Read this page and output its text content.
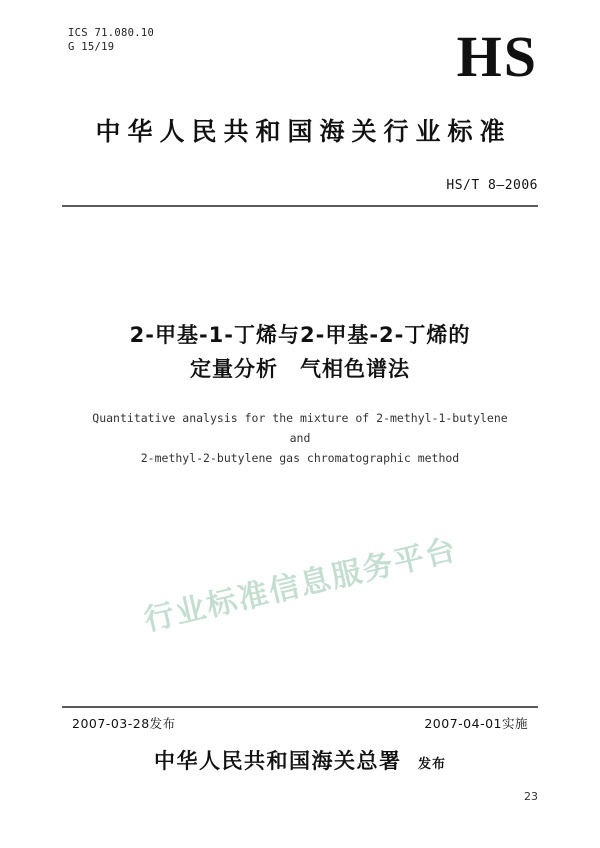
ICS 71.080.10
G 15/19	HS
中华人民共和国海关行业标准
HS/T 8—2006
2-甲基-1-丁烯与2-甲基-2-丁烯的
定量分析　气相色谱法
Quantitative analysis for the mixture of 2-methyl-1-butylene and
2-methyl-2-butylene gas chromatographic method
行业标准信息服务平台
2007-03-28发布	2007-04-01实施
中华人民共和国海关总署 发布
23
